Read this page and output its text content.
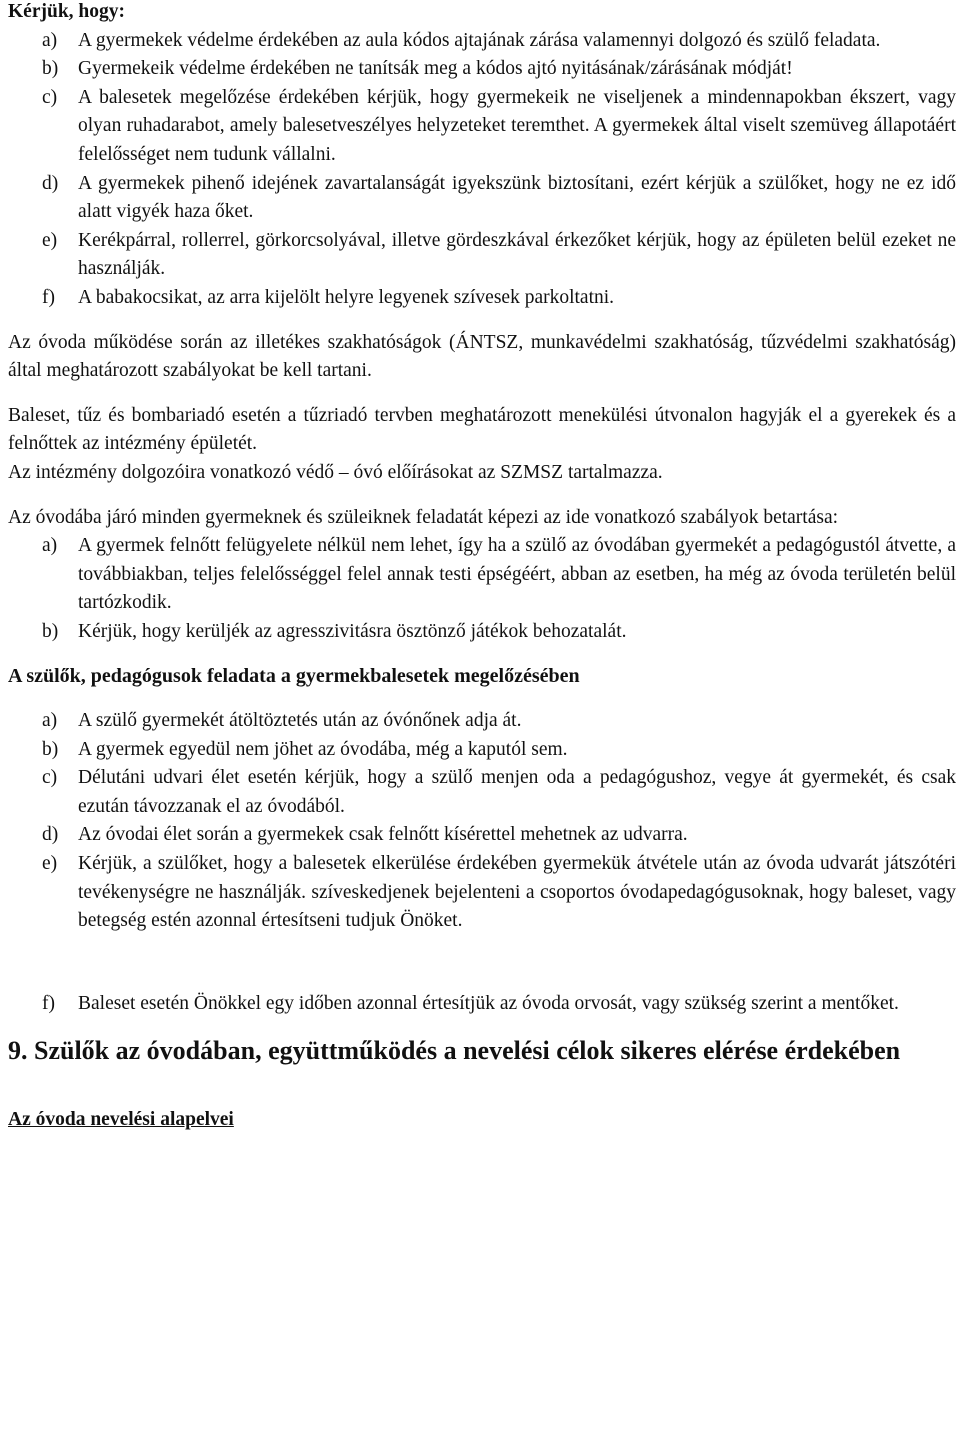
Kérjük, hogy:
a) A gyermekek védelme érdekében az aula kódos ajtajának zárása valamennyi dolgozó és szülő feladata.
b) Gyermekeik védelme érdekében ne tanítsák meg a kódos ajtó nyitásának/zárásának módját!
c) A balesetek megelőzése érdekében kérjük, hogy gyermekeik ne viseljenek a mindennapokban ékszert, vagy olyan ruhadarabot, amely balesetveszélyes helyzeteket teremthet. A gyermekek által viselt szemüveg állapotáért felelősséget nem tudunk vállalni.
d) A gyermekek pihenő idejének zavartalanságát igyekszünk biztosítani, ezért kérjük a szülőket, hogy ne ez idő alatt vigyék haza őket.
e) Kerékpárral, rollerrel, görkorcsolyával, illetve gördeszkával érkezőket kérjük, hogy az épületen belül ezeket ne használják.
f) A babakocsikat, az arra kijelölt helyre legyenek szívesek parkoltatni.

Az óvoda működése során az illetékes szakhatóságok (ÁNTSZ, munkavédelmi szakhatóság, tűzvédelmi szakhatóság) által meghatározott szabályokat be kell tartani.

Baleset, tűz és bombariadó esetén a tűzriadó tervben meghatározott menekülési útvonalon hagyják el a gyerekek és a felnőttek az intézmény épületét.

Az intézmény dolgozóira vonatkozó védő – óvó előírásokat az SZMSZ tartalmazza.

Az óvodába járó minden gyermeknek és szüleiknek feladatát képezi az ide vonatkozó szabályok betartása:

a) A gyermek felnőtt felügyelete nélkül nem lehet, így ha a szülő az óvodában gyermekét a pedagógustól átvette, a továbbiakban, teljes felelősséggel felel annak testi épségéért, abban az esetben, ha még az óvoda területén belül tartózkodik.
b) Kérjük, hogy kerüljék az agresszivitásra ösztönző játékok behozatalát.
A szülők, pedagógusok feladata a gyermekbalesetek megelőzésében
a) A szülő gyermekét átöltöztetés után az óvónőnek adja át.
b) A gyermek egyedül nem jöhet az óvodába, még a kaputól sem.
c) Délutáni udvari élet esetén kérjük, hogy a szülő menjen oda a pedagógushoz, vegye át gyermekét, és csak ezután távozzanak el az óvodából.
d) Az óvodai élet során a gyermekek csak felnőtt kísérettel mehetnek az udvarra.
e) Kérjük, a szülőket, hogy a balesetek elkerülése érdekében gyermekük átvétele után az óvoda udvarát játszótéri tevékenységre ne használják. szíveskedjenek bejelenteni a csoportos óvodapedagógusoknak, hogy baleset, vagy betegség estén azonnal értesítseni tudjuk Önöket.
f) Baleset esetén Önökkel egy időben azonnal értesítjük az óvoda orvosát, vagy szükség szerint a mentőket.
9. Szülők az óvodában, együttműködés a nevelési célok sikeres elérése érdekében
Az óvoda nevelési alapelvei
